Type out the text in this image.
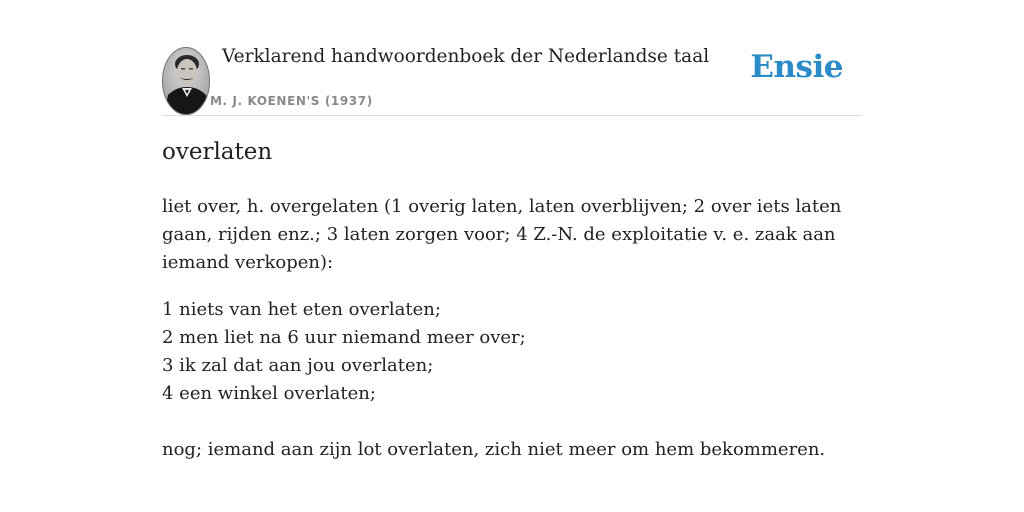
Verklarend handwoordenboek der Nederlandse taal
M. J. KOENEN'S (1937)
Ensie
overlaten

liet over, h. overgelaten (1 overig laten, laten overblijven; 2 over iets laten gaan, rijden enz.; 3 laten zorgen voor; 4 Z.-N. de exploitatie v. e. zaak aan iemand verkopen):

1 niets van het eten overlaten;
2 men liet na 6 uur niemand meer over;
3 ik zal dat aan jou overlaten;
4 een winkel overlaten;

nog; iemand aan zijn lot overlaten, zich niet meer om hem bekommeren.
